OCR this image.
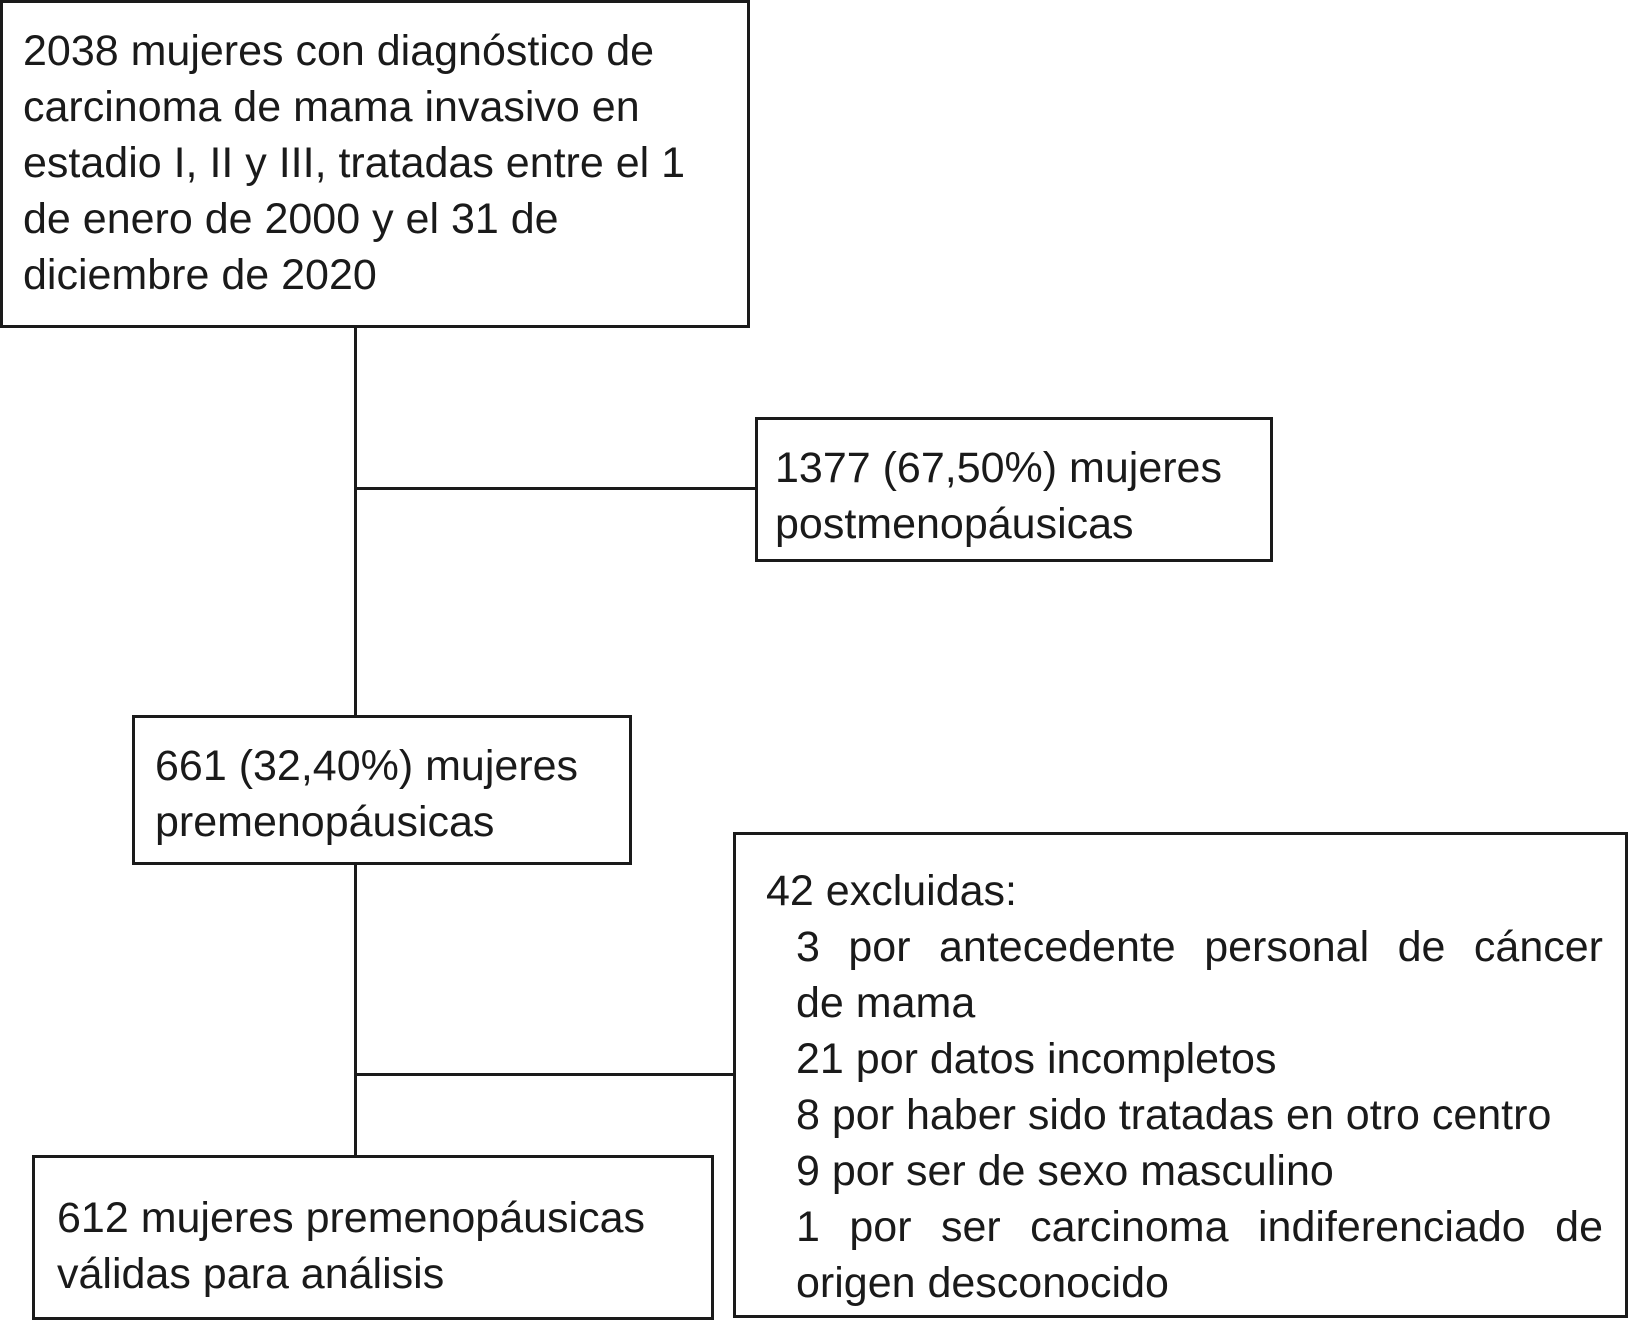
2038 mujeres con diagnóstico de
carcinoma de mama invasivo en
estadio I, II y III, tratadas entre el 1
de enero de 2000 y el 31 de
diciembre de 2020
1377 (67,50%) mujeres
postmenopáusicas
661 (32,40%) mujeres
premenopáusicas
42 excluidas:
3 por antecedente personal de cáncer
de mama
21 por datos incompletos
8 por haber sido tratadas en otro centro
9 por ser de sexo masculino
1 por ser carcinoma indiferenciado de
origen desconocido
612 mujeres premenopáusicas
válidas para análisis
